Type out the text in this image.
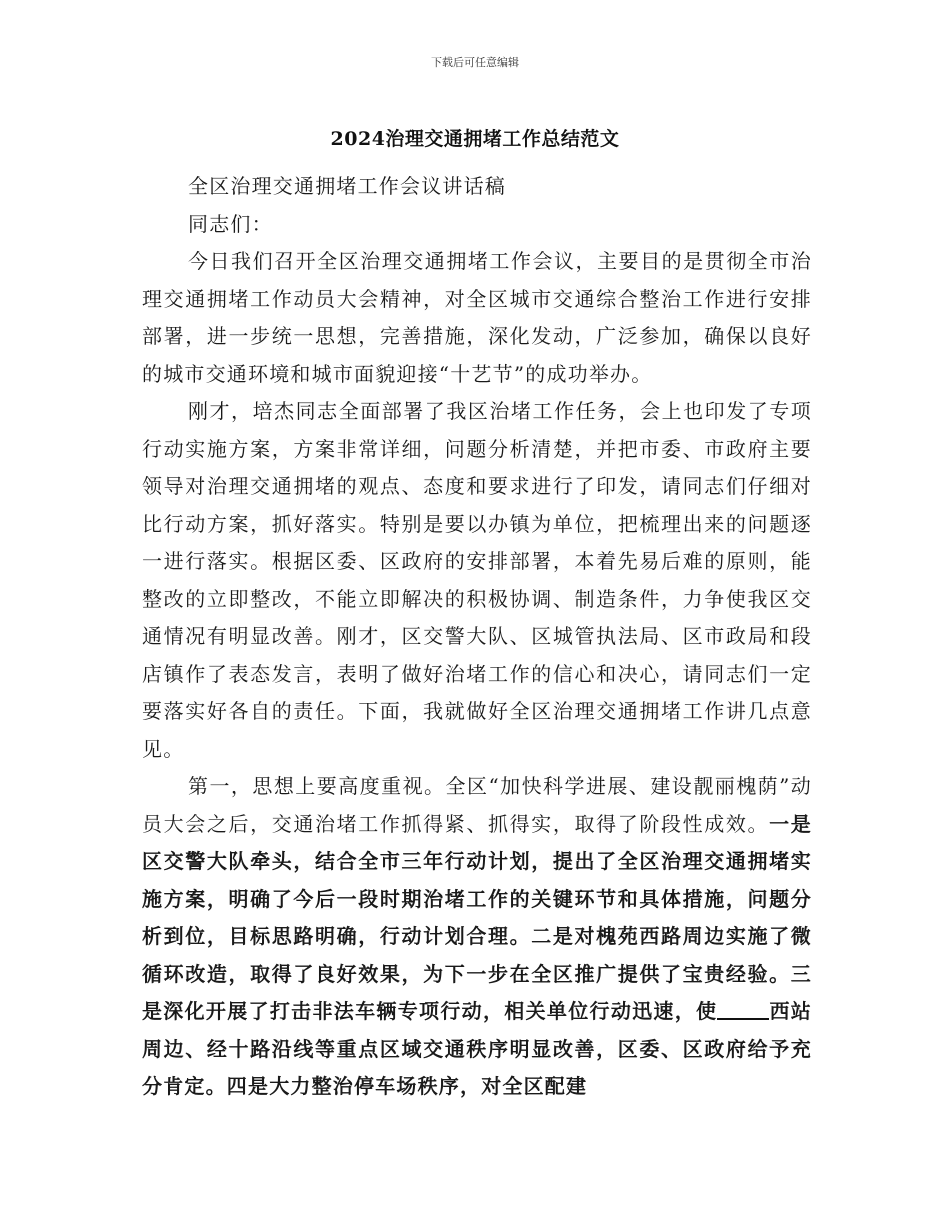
下载后可任意编辑
2024治理交通拥堵工作总结范文

全区治理交通拥堵工作会议讲话稿

同志们：

今日我们召开全区治理交通拥堵工作会议，主要目的是贯彻全市治理交通拥堵工作动员大会精神，对全区城市交通综合整治工作进行安排部署，进一步统一思想，完善措施，深化发动，广泛参加，确保以良好的城市交通环境和城市面貌迎接“十艺节”的成功举办。

刚才，培杰同志全面部署了我区治堵工作任务，会上也印发了专项行动实施方案，方案非常详细，问题分析清楚，并把市委、市政府主要领导对治理交通拥堵的观点、态度和要求进行了印发，请同志们仔细对比行动方案，抓好落实。特别是要以办镇为单位，把梳理出来的问题逐一进行落实。根据区委、区政府的安排部署，本着先易后难的原则，能整改的立即整改，不能立即解决的积极协调、制造条件，力争使我区交通情况有明显改善。刚才，区交警大队、区城管执法局、区市政局和段店镇作了表态发言，表明了做好治堵工作的信心和决心，请同志们一定要落实好各自的责任。下面，我就做好全区治理交通拥堵工作讲几点意见。

第一，思想上要高度重视。全区“加快科学进展、建设靓丽槐荫”动员大会之后，交通治堵工作抓得紧、抓得实，取得了阶段性成效。一是区交警大队牵头，结合全市三年行动计划，提出了全区治理交通拥堵实施方案，明确了今后一段时期治堵工作的关键环节和具体措施，问题分析到位，目标思路明确，行动计划合理。二是对槐苑西路周边实施了微循环改造，取得了良好效果，为下一步在全区推广提供了宝贵经验。三是深化开展了打击非法车辆专项行动，相关单位行动迅速，使	西站周边、经十路沿线等重点区域交通秩序明显改善，区委、区政府给予充分肯定。四是大力整治停车场秩序，对全区配建
